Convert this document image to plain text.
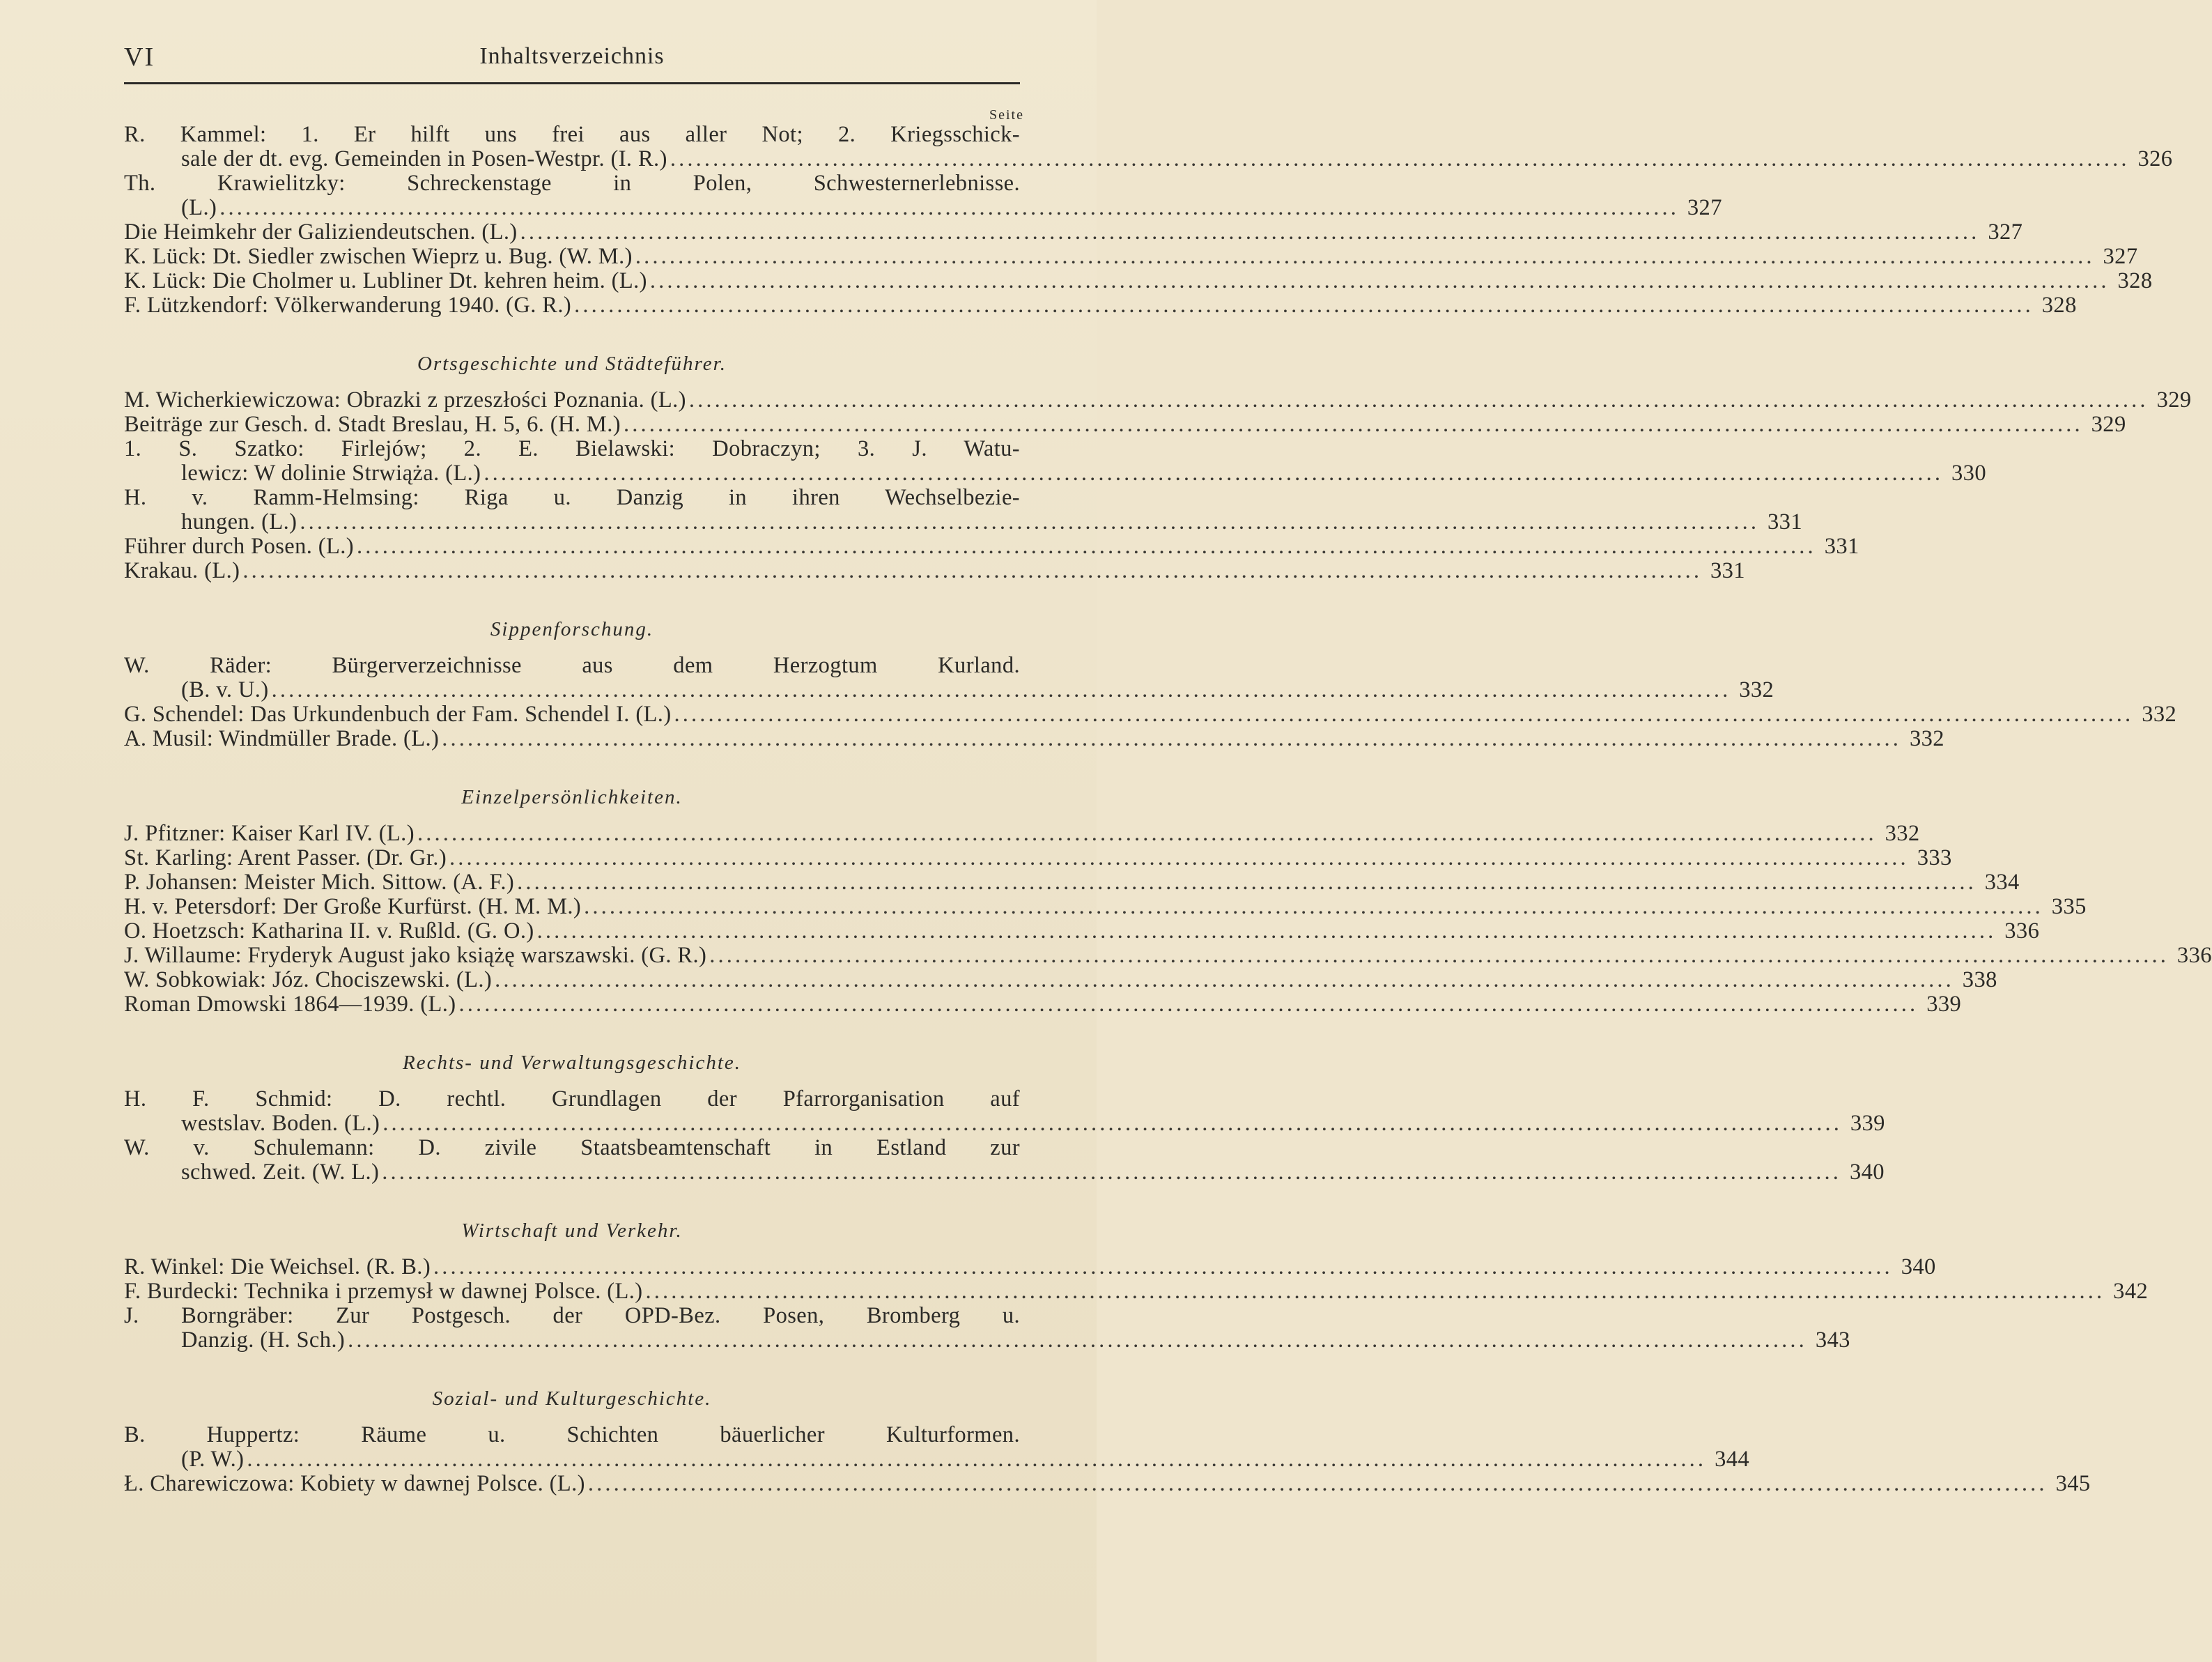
VI	Inhaltsverzeichnis
Seite
R. Kammel: 1. Er hilft uns frei aus aller Not; 2. Kriegsschick-
sale der dt. evg. Gemeinden in Posen-Westpr. (I. R.) . . .	326
Th. Krawielitzky: Schreckenstage in Polen, Schwesternerlebnisse.
(L.) . . .	327
Die Heimkehr der Galiziendeutschen. (L.) . . .	327
K. Lück: Dt. Siedler zwischen Wieprz u. Bug. (W. M.) . . .	327
K. Lück: Die Cholmer u. Lubliner Dt. kehren heim. (L.) . . .	328
F. Lützkendorf: Völkerwanderung 1940. (G. R.) . . .	328
Ortsgeschichte und Städteführer.
M. Wicherkiewiczowa: Obrazki z przeszłości Poznania. (L.) . . .	329
Beiträge zur Gesch. d. Stadt Breslau, H. 5, 6. (H. M.) . . .	329
1. S. Szatko: Firlejów; 2. E. Bielawski: Dobraczyn; 3. J. Watu-
lewicz: W dolinie Strwiąża. (L.) . . .	330
H. v. Ramm-Helmsing: Riga u. Danzig in ihren Wechselbezie-
hungen. (L.) . . .	331
Führer durch Posen. (L.) . . .	331
Krakau. (L.) . . .	331
Sippenforschung.
W. Räder: Bürgerverzeichnisse aus dem Herzogtum Kurland.
(B. v. U.) . . .	332
G. Schendel: Das Urkundenbuch der Fam. Schendel I. (L.) . . .	332
A. Musil: Windmüller Brade. (L.) . . .	332
Einzelpersönlichkeiten.
J. Pfitzner: Kaiser Karl IV. (L.) . . .	332
St. Karling: Arent Passer. (Dr. Gr.) . . .	333
P. Johansen: Meister Mich. Sittow. (A. F.) . . .	334
H. v. Petersdorf: Der Große Kurfürst. (H. M. M.) . . .	335
O. Hoetzsch: Katharina II. v. Rußld. (G. O.) . . .	336
J. Willaume: Fryderyk August jako książę warszawski. (G. R.) . . .	336
W. Sobkowiak: Józ. Chociszewski. (L.) . . .	338
Roman Dmowski 1864—1939. (L.) . . .	339
Rechts- und Verwaltungsgeschichte.
H. F. Schmid: D. rechtl. Grundlagen der Pfarrorganisation auf
westslav. Boden. (L.) . . .	339
W. v. Schulemann: D. zivile Staatsbeamtenschaft in Estland zur
schwed. Zeit. (W. L.) . . .	340
Wirtschaft und Verkehr.
R. Winkel: Die Weichsel. (R. B.) . . .	340
F. Burdecki: Technika i przemysł w dawnej Polsce. (L.) . . .	342
J. Borngräber: Zur Postgesch. der OPD-Bez. Posen, Bromberg u.
Danzig. (H. Sch.) . . .	343
Sozial- und Kulturgeschichte.
B. Huppertz: Räume u. Schichten bäuerlicher Kulturformen.
(P. W.) . . .	344
Ł. Charewiczowa: Kobiety w dawnej Polsce. (L.) . . .	345
